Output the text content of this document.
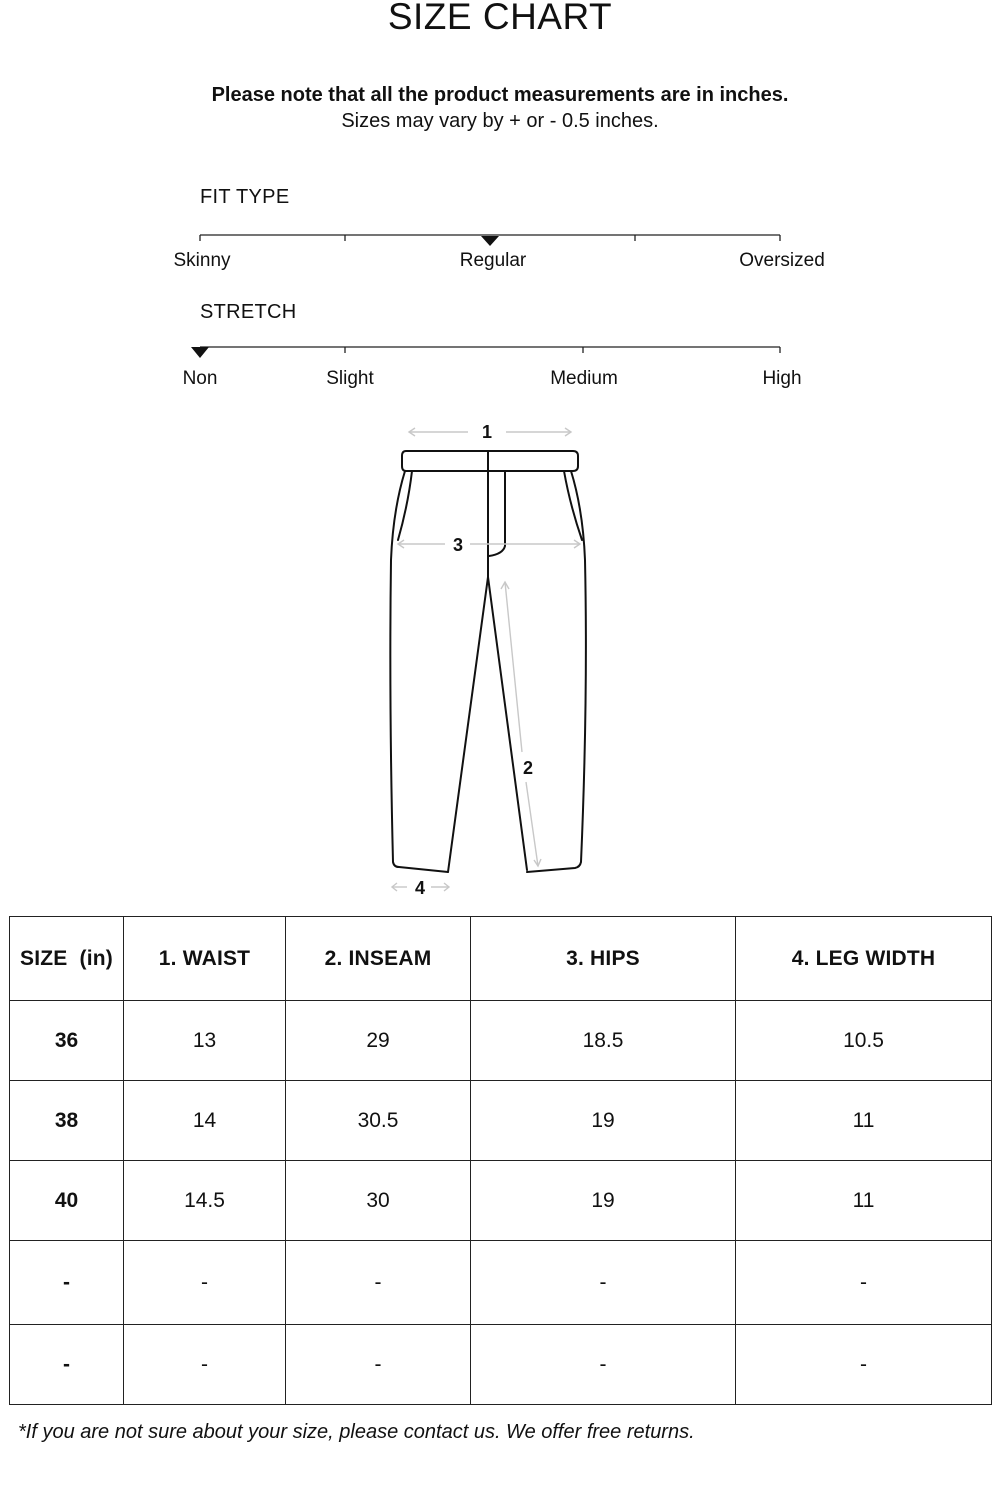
SIZE CHART
Please note that all the product measurements are in inches.
Sizes may vary by + or - 0.5 inches.
FIT TYPE
Skinny	Regular	Oversized
STRETCH
Non	Slight	Medium	High
1
2
3
4
SIZE  (in)	1. WAIST	2. INSEAM	3. HIPS	4. LEG WIDTH
36	13	29	18.5	10.5
38	14	30.5	19	11
40	14.5	30	19	11
-	-	-	-	-
-	-	-	-	-
*If you are not sure about your size, please contact us. We offer free returns.
